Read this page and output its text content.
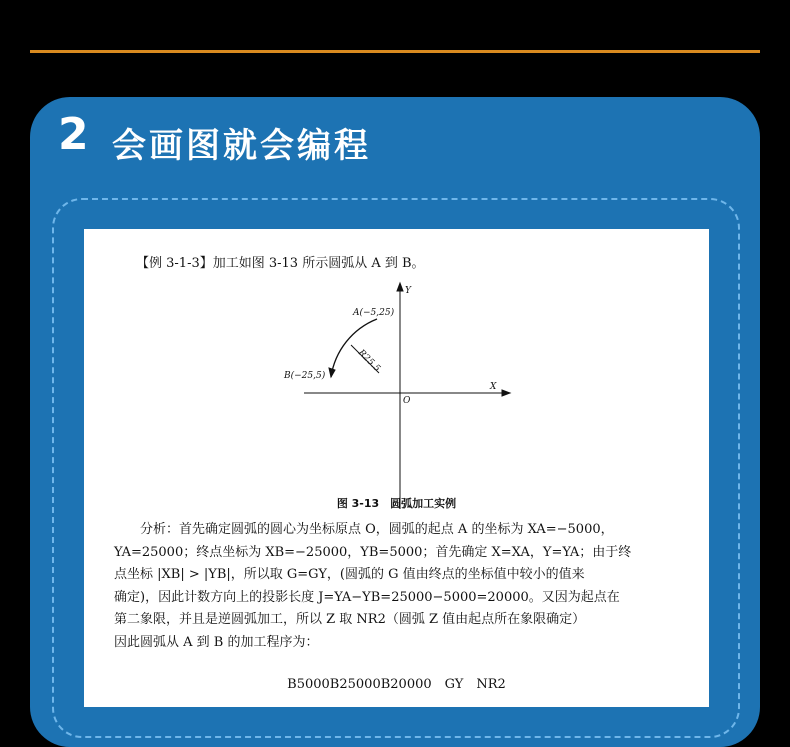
2 会画图就会编程
【例 3-1-3】加工如图 3-13 所示圆弧从 A 到 B。
Y
X
O
A(−5,25)
B(−25,5)
R25.5
图 3-13　圆弧加工实例

分析：首先确定圆弧的圆心为坐标原点 O，圆弧的起点 A 的坐标为 XA=−5000，

YA=25000；终点坐标为 XB=−25000，YB=5000；首先确定 X=XA，Y=YA；由于终

点坐标 |XB| > |YB|，所以取 G=GY，(圆弧的 G 值由终点的坐标值中较小的值来

确定)，因此计数方向上的投影长度 J=YA−YB=25000−5000=20000。又因为起点在

第二象限，并且是逆圆弧加工，所以 Z 取 NR2（圆弧 Z 值由起点所在象限确定）

因此圆弧从 A 到 B 的加工程序为：

B5000B25000B20000　GY　NR2
